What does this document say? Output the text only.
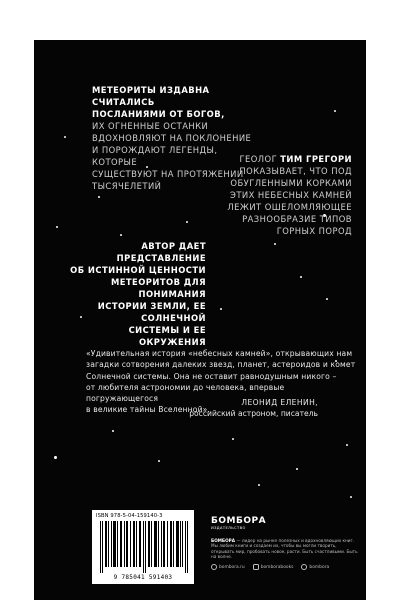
МЕТЕОРИТЫ ИЗДАВНА СЧИТАЛИСЬ
ПОСЛАНИЯМИ ОТ БОГОВ,
ИХ ОГНЕННЫЕ ОСТАНКИ
ВДОХНОВЛЯЮТ НА ПОКЛОНЕНИЕ
И ПОРОЖДАЮТ ЛЕГЕНДЫ, КОТОРЫЕ
СУЩЕСТВУЮТ НА ПРОТЯЖЕНИИ
ТЫСЯЧЕЛЕТИЙ
ГЕОЛОГ ТИМ ГРЕГОРИ
ПОКАЗЫВАЕТ, ЧТО ПОД
ОБУГЛЕННЫМИ КОРКАМИ
ЭТИХ НЕБЕСНЫХ КАМНЕЙ
ЛЕЖИТ ОШЕЛОМЛЯЮЩЕЕ
РАЗНООБРАЗИЕ ТИПОВ
ГОРНЫХ ПОРОД
АВТОР ДАЕТ ПРЕДСТАВЛЕНИЕ
ОБ ИСТИННОЙ ЦЕННОСТИ
МЕТЕОРИТОВ ДЛЯ ПОНИМАНИЯ
ИСТОРИИ ЗЕМЛИ, ЕЕ СОЛНЕЧНОЙ
СИСТЕМЫ И ЕЕ ОКРУЖЕНИЯ
«Удивительная история «небесных камней», открывающих нам
загадки сотворения далеких звезд, планет, астероидов и комет
Солнечной системы. Она не оставит равнодушным никого –
от любителя астрономии до человека, впервые погружающегося
в великие тайны Вселенной».
ЛЕОНИД ЕЛЕНИН,
российский астроном, писатель
ISBN 978-5-04-159140-3
9 785041 591403
БОМБОРА
ИЗДАТЕЛЬСТВО
БОМБОРА — лидер на рынке полезных и вдохновляющих книг. Мы любим книги и создаем их, чтобы вы могли творить, открывать мир, пробовать новое, расти. Быть счастливыми. Быть на волне.
bombora.ru	bomborabooks	bombora
